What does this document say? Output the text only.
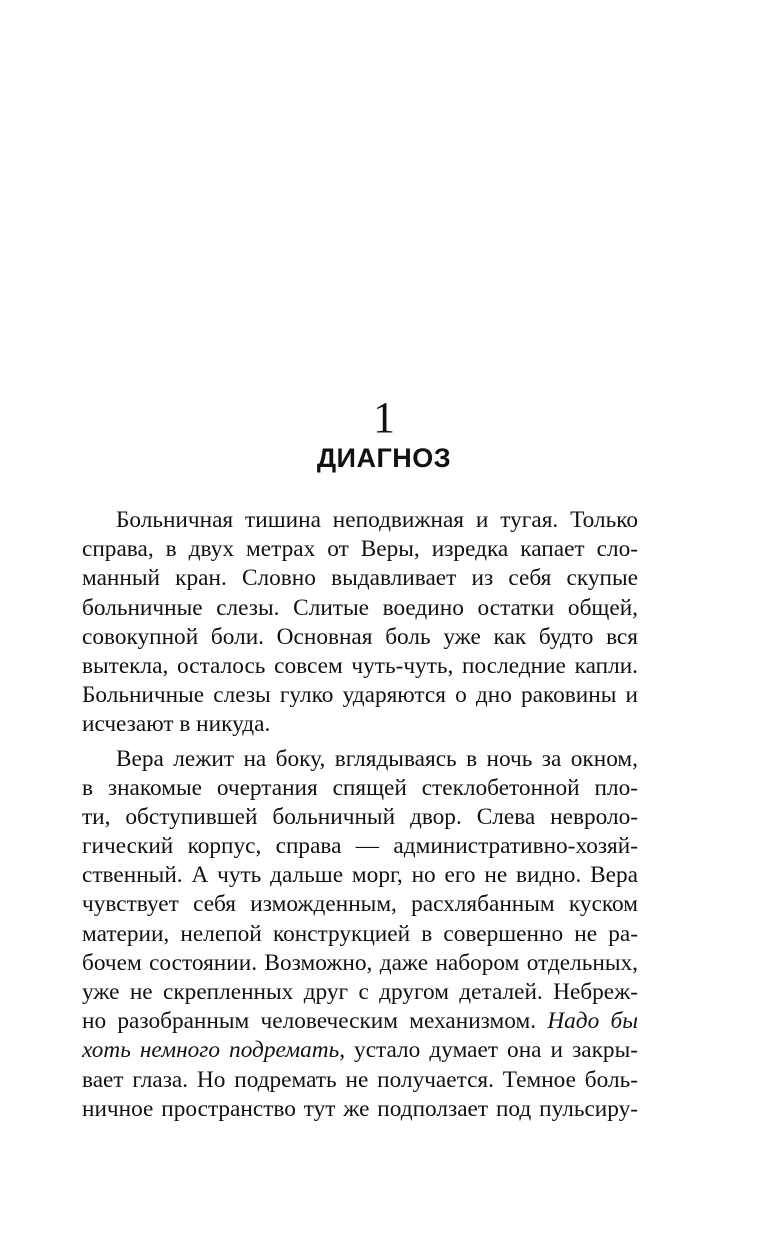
1
ДИАГНОЗ
Больничная тишина неподвижная и тугая. Только
справа, в двух метрах от Веры, изредка капает сло-
манный кран. Словно выдавливает из себя скупые
больничные слезы. Слитые воедино остатки общей,
совокупной боли. Основная боль уже как будто вся
вытекла, осталось совсем чуть-чуть, последние капли.
Больничные слезы гулко ударяются о дно раковины и
исчезают в никуда.
Вера лежит на боку, вглядываясь в ночь за окном,
в знакомые очертания спящей стеклобетонной пло-
ти, обступившей больничный двор. Слева невроло-
гический корпус, справа — административно-хозяй-
ственный. А чуть дальше морг, но его не видно. Вера
чувствует себя изможденным, расхлябанным куском
материи, нелепой конструкцией в совершенно не ра-
бочем состоянии. Возможно, даже набором отдельных,
уже не скрепленных друг с другом деталей. Небреж-
но разобранным человеческим механизмом. Надо бы
хоть немного подремать, устало думает она и закры-
вает глаза. Но подремать не получается. Темное боль-
ничное пространство тут же подползает под пульсиру-
